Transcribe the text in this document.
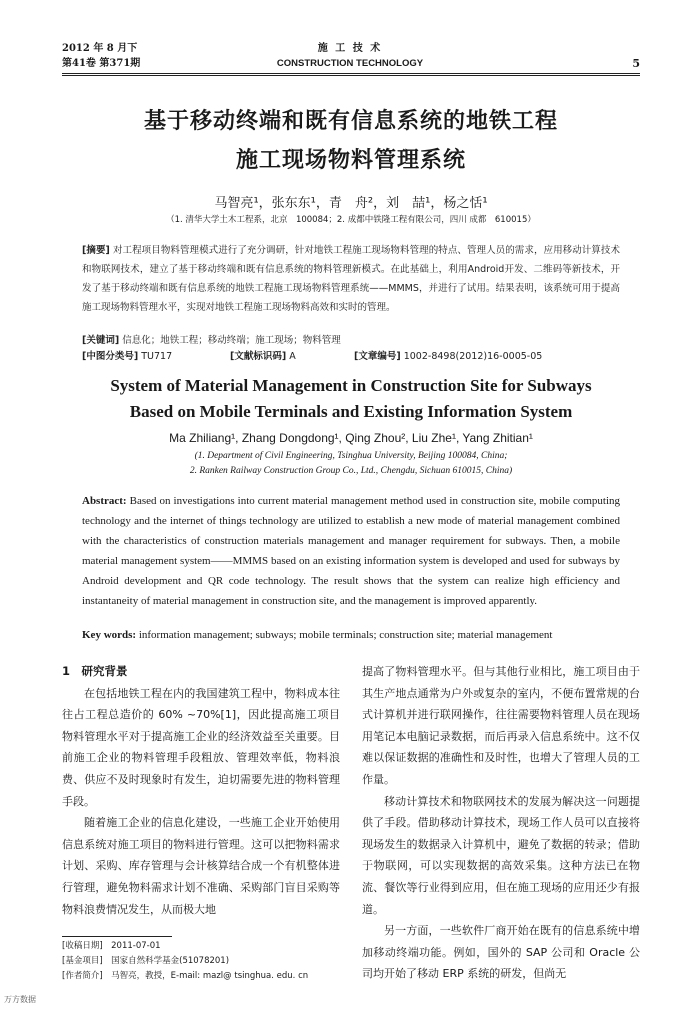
2012 年 8 月下
第41卷 第371期
施 工 技 术
CONSTRUCTION TECHNOLOGY	5
基于移动终端和既有信息系统的地铁工程
施工现场物料管理系统
马智亮¹，张东东¹，青　舟²，刘　喆¹，杨之恬¹
（1. 清华大学土木工程系，北京　100084；2. 成都中铁隆工程有限公司，四川 成都　610015）
[摘要] 对工程项目物料管理模式进行了充分调研，针对地铁工程施工现场物料管理的特点、管理人员的需求，应用移动计算技术和物联网技术，建立了基于移动终端和既有信息系统的物料管理新模式。在此基础上，利用Android开发、二维码等新技术，开发了基于移动终端和既有信息系统的地铁工程施工现场物料管理系统——MMMS，并进行了试用。结果表明，该系统可用于提高施工现场物料管理水平，实现对地铁工程施工现场物料高效和实时的管理。
[关键词] 信息化；地铁工程；移动终端；施工现场；物料管理
[中图分类号] TU717	[文献标识码] A	[文章编号] 1002-8498(2012)16-0005-05
System of Material Management in Construction Site for Subways
Based on Mobile Terminals and Existing Information System
Ma Zhiliang¹, Zhang Dongdong¹, Qing Zhou², Liu Zhe¹, Yang Zhitian¹
(1. Department of Civil Engineering, Tsinghua University, Beijing 100084, China;
2. Ranken Railway Construction Group Co., Ltd., Chengdu, Sichuan 610015, China)
Abstract: Based on investigations into current material management method used in construction site, mobile computing technology and the internet of things technology are utilized to establish a new mode of material management combined with the characteristics of construction materials management and manager requirement for subways. Then, a mobile material management system——MMMS based on an existing information system is developed and used for subways by Android development and QR code technology. The result shows that the system can realize high efficiency and instantaneity of material management in construction site, and the management is improved apparently.
Key words: information management; subways; mobile terminals; construction site; material management

1　研究背景

在包括地铁工程在内的我国建筑工程中，物料成本往往占工程总造价的 60% ~70%[1]，因此提高施工项目物料管理水平对于提高施工企业的经济效益至关重要。目前施工企业的物料管理手段粗放、管理效率低，物料浪费、供应不及时现象时有发生，迫切需要先进的物料管理手段。

随着施工企业的信息化建设，一些施工企业开始使用信息系统对施工项目的物料进行管理。这可以把物料需求计划、采购、库存管理与会计核算结合成一个有机整体进行管理，避免物料需求计划不准确、采购部门盲目采购等物料浪费情况发生，从而极大地

[收稿日期]　2011-07-01
[基金项目]　国家自然科学基金(51078201)
[作者简介]　马智亮，教授，E-mail: mazl@ tsinghua. edu. cn

提高了物料管理水平。但与其他行业相比，施工项目由于其生产地点通常为户外或复杂的室内，不便布置常规的台式计算机并进行联网操作，往往需要物料管理人员在现场用笔记本电脑记录数据，而后再录入信息系统中。这不仅难以保证数据的准确性和及时性，也增大了管理人员的工作量。

移动计算技术和物联网技术的发展为解决这一问题提供了手段。借助移动计算技术，现场工作人员可以直接将现场发生的数据录入计算机中，避免了数据的转录；借助于物联网，可以实现数据的高效采集。这种方法已在物流、餐饮等行业得到应用，但在施工现场的应用还少有报道。

另一方面，一些软件厂商开始在既有的信息系统中增加移动终端功能。例如，国外的 SAP 公司和 Oracle 公司均开始了移动 ERP 系统的研发，但尚无

万方数据
